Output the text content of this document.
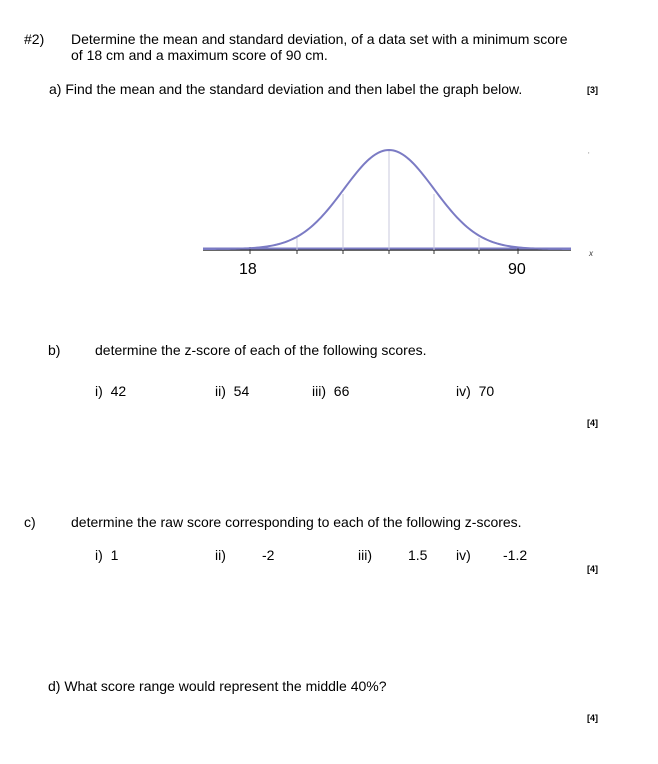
#2) Determine the mean and standard deviation, of a data set with a minimum score
of 18 cm and a maximum score of 90 cm.
a) Find the mean and the standard deviation and then label the graph below.	[3]
x
'
18	90
b) determine the z-score of each of the following scores.
i) 42	ii) 54	iii) 66	iv) 70
[4]
c)	determine the raw score corresponding to each of the following z-scores.
i) 1	ii)	-2	iii)	1.5 iv) -1.2
[4]
d) What score range would represent the middle 40%?
[4]
